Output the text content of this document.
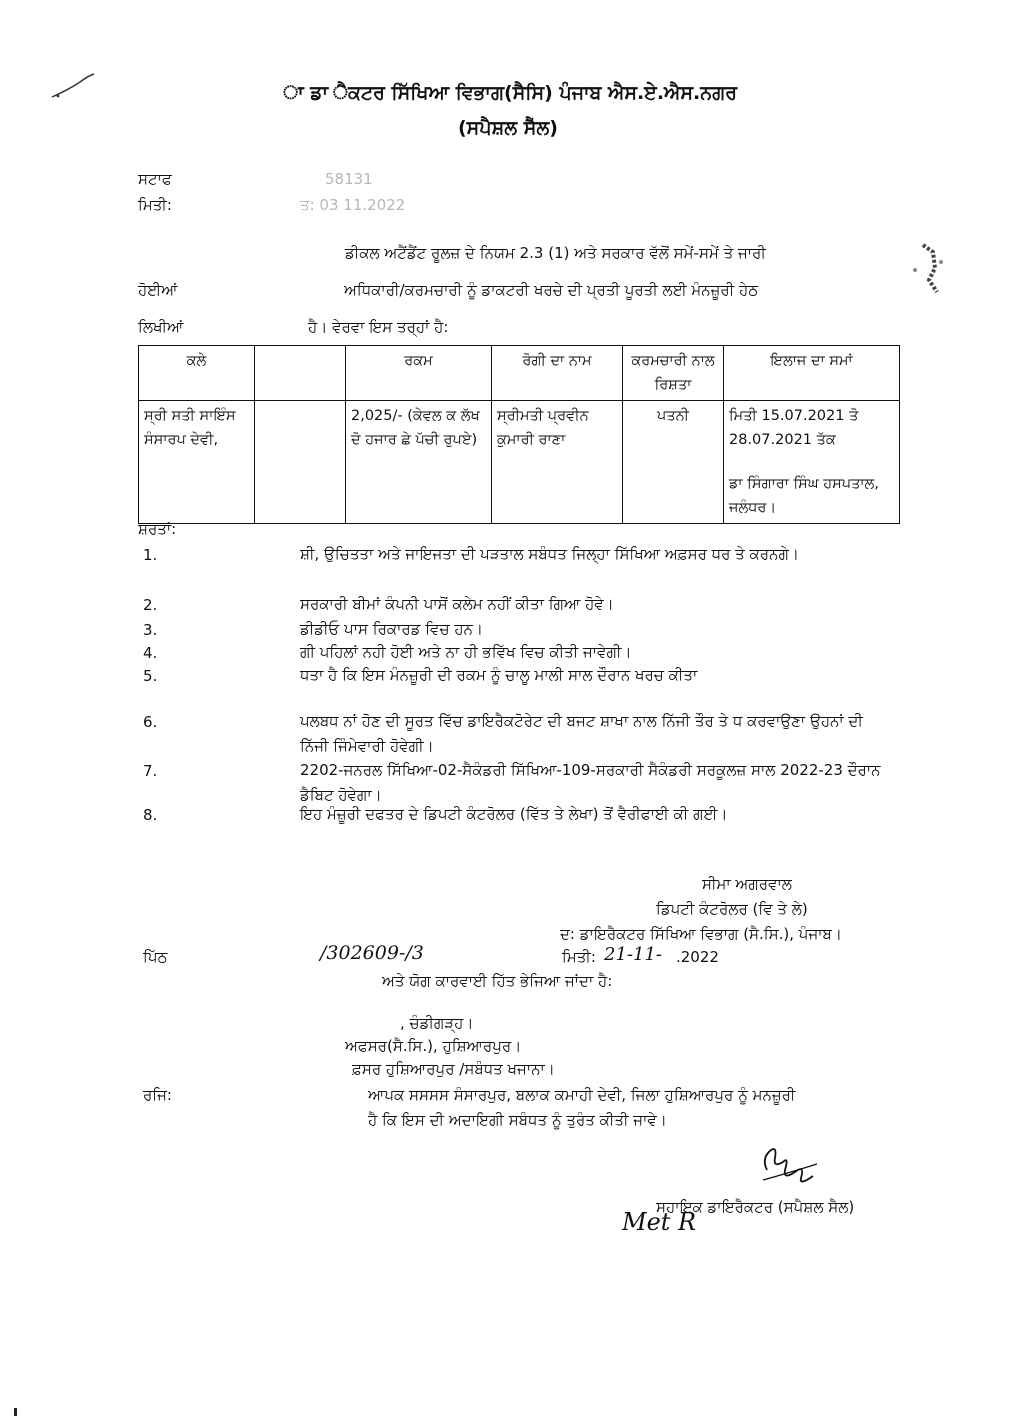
ਾ ਡਾ ੈਕਟਰ ਸਿੱਖਿਆ ਵਿਭਾਗ(ਸੈਸਿ) ਪੰਜਾਬ ਐਸ.ਏ.ਐਸ.ਨਗਰ
(ਸਪੈਸ਼ਲ ਸੈੱਲ)
ਸਟਾਫ	58131
ਮਿਤੀ:	ਤ: 03 11.2022
ਡੀਕਲ ਅਟੈਂਡੈਂਟ ਰੂਲਜ਼ ਦੇ ਨਿਯਮ 2.3 (1) ਅਤੇ ਸਰਕਾਰ ਵੱਲੋਂ ਸਮੇਂ-ਸਮੇਂ ਤੇ ਜਾਰੀ
ਹੋਈਆਂ	ਅਧਿਕਾਰੀ/ਕਰਮਚਾਰੀ ਨੂੰ ਡਾਕਟਰੀ ਖਰਚੇ ਦੀ ਪ੍ਰਤੀ ਪੂਰਤੀ ਲਈ ਮੰਨਜ਼ੂਰੀ ਹੇਠ
ਲਿਖੀਆਂ	ਹੈ। ਵੇਰਵਾ ਇਸ ਤਰ੍ਹਾਂ ਹੈ:
ਕਲੇ		ਰਕਮ	ਰੋਗੀ ਦਾ ਨਾਮ	ਕਰਮਚਾਰੀ ਨਾਲ ਰਿਸ਼ਤਾ	ਇਲਾਜ ਦਾ ਸਮਾਂ
ਸ੍ਰੀ ਸਤੀ ਸਾਇੰਸ ਸੰਸਾਰਪ ਦੇਵੀ,		2,025/- (ਕੇਵਲ ਕ ਲੱਖ ਦੋ ਹਜਾਰ ਛੇ ਪੱਚੀ ਰੁਪਏ)	ਸ੍ਰੀਮਤੀ ਪ੍ਰਵੀਨ ਕੁਮਾਰੀ ਰਾਣਾ	ਪਤਨੀ	ਮਿਤੀ 15.07.2021 ਤੋ 28.07.2021 ਤੱਕ
ਡਾ ਸਿੰਗਾਰਾ ਸਿੰਘ ਹਸਪਤਾਲ, ਜਲੰਧਰ।
ਸ਼ਰਤਾਂ:
1.	ਸ਼ੀ, ਉਚਿਤਤਾ ਅਤੇ ਜਾਇਜਤਾ ਦੀ ਪੜਤਾਲ ਸਬੰਧਤ ਜਿਲ੍ਹਾ ਸਿੱਖਿਆ ਅਫ਼ਸਰ ਧਰ ਤੇ ਕਰਨਗੇ।
2.	ਸਰਕਾਰੀ ਬੀਮਾਂ ਕੰਪਨੀ ਪਾਸੋਂ ਕਲੇਮ ਨਹੀਂ ਕੀਤਾ ਗਿਆ ਹੋਵੇ।
3.	ਡੀਡੀਓ ਪਾਸ ਰਿਕਾਰਡ ਵਿਚ ਹਨ।
4.	ਗੀ ਪਹਿਲਾਂ ਨਹੀ ਹੋਈ ਅਤੇ ਨਾ ਹੀ ਭਵਿੱਖ ਵਿਚ ਕੀਤੀ ਜਾਵੇਗੀ।
5.	ਧਤਾ ਹੈ ਕਿ ਇਸ ਮੰਨਜ਼ੂਰੀ ਦੀ ਰਕਮ ਨੂੰ ਚਾਲੂ ਮਾਲੀ ਸਾਲ ਦੌਰਾਨ ਖਰਚ ਕੀਤਾ
6.	ਪਲਬਧ ਨਾਂ ਹੋਣ ਦੀ ਸੂਰਤ ਵਿੱਚ ਡਾਇਰੈਕਟੋਰੇਟ ਦੀ ਬਜਟ ਸ਼ਾਖਾ ਨਾਲ ਨਿੱਜੀ ਤੌਰ ਤੇ ਧ ਕਰਵਾਉਣਾ ਉਹਨਾਂ ਦੀ ਨਿੱਜੀ ਜਿੰਮੇਵਾਰੀ ਹੋਵੇਗੀ।
7.	2202-ਜਨਰਲ ਸਿੱਖਿਆ-02-ਸੈਕੰਡਰੀ ਸਿੱਖਿਆ-109-ਸਰਕਾਰੀ ਸੈਕੰਡਰੀ ਸਰਕੂਲਜ਼ ਸਾਲ 2022-23 ਦੌਰਾਨ ਡੈਬਿਟ ਹੋਵੇਗਾ।
8.	ਇਹ ਮੰਜ਼ੂਰੀ ਦਫਤਰ ਦੇ ਡਿਪਟੀ ਕੰਟਰੋਲਰ (ਵਿੱਤ ਤੇ ਲੇਖਾ) ਤੋਂ ਵੈਰੀਫਾਈ ਕੀ ਗਈ।
ਸੀਮਾ ਅਗਰਵਾਲ
ਡਿਪਟੀ ਕੰਟਰੋਲਰ (ਵਿ ਤੇ ਲੇ)
ਦ: ਡਾਇਰੈਕਟਰ ਸਿੱਖਿਆ ਵਿਭਾਗ (ਸੈ.ਸਿ.), ਪੰਜਾਬ।
ਪਿੱਠ	/302609-/3	ਮਿਤੀ: 21-11- .2022
ਅਤੇ ਯੋਗ ਕਾਰਵਾਈ ਹਿੱਤ ਭੇਜਿਆ ਜਾਂਦਾ ਹੈ:
, ਚੰਡੀਗੜ੍ਹ।
ਅਫਸਰ(ਸੈ.ਸਿ.), ਹੁਸ਼ਿਆਰਪੁਰ।
ਫ਼ਸਰ ਹੁਸ਼ਿਆਰਪੁਰ /ਸਬੰਧਤ ਖਜਾਨਾ।
ਰਜਿ:	ਆਪਕ ਸਸਸਸ ਸੰਸਾਰਪੁਰ, ਬਲਾਕ ਕਮਾਹੀ ਦੇਵੀ, ਜਿਲਾ ਹੁਸ਼ਿਆਰਪੁਰ ਨੂੰ ਮਨਜ਼ੂਰੀ
ਹੈ ਕਿ ਇਸ ਦੀ ਅਦਾਇਗੀ ਸਬੰਧਤ ਨੂੰ ਤੁਰੰਤ ਕੀਤੀ ਜਾਵੇ।
ਸਹਾਇਕ ਡਾਇਰੈਕਟਰ (ਸਪੈਸ਼ਲ ਸੈਲ)
Met R
